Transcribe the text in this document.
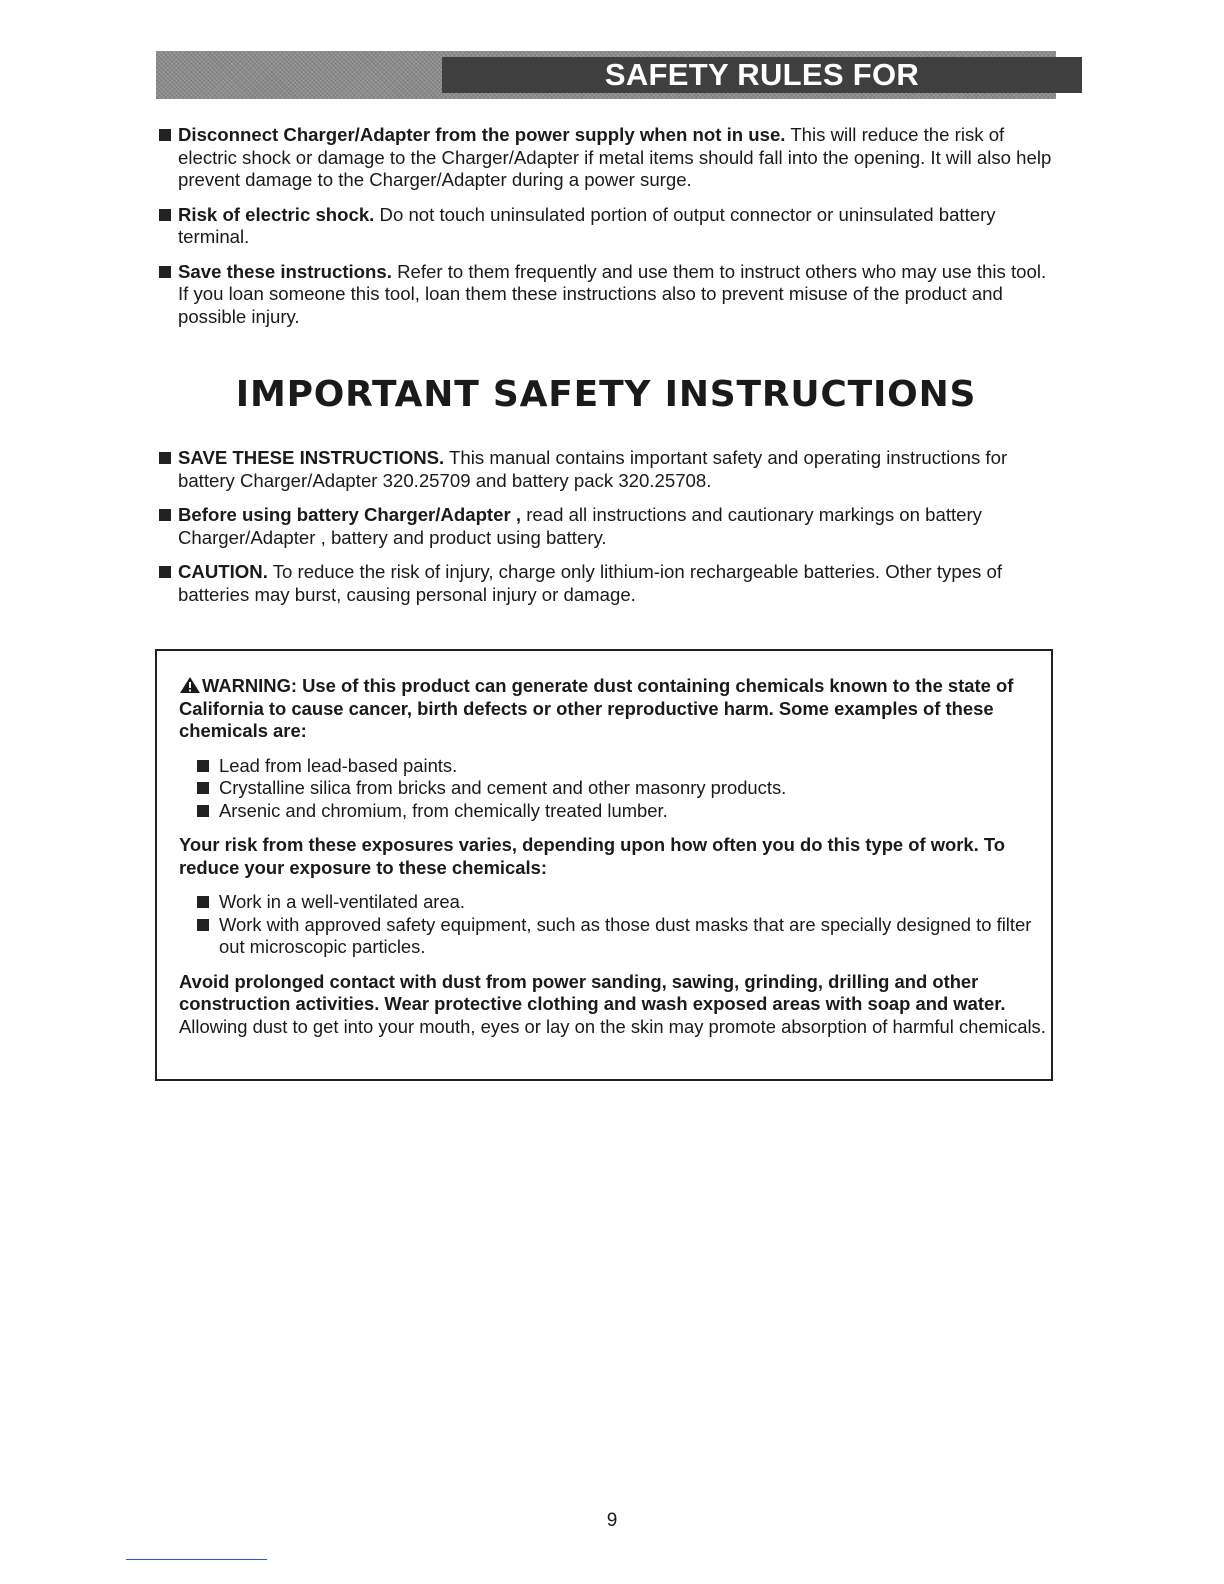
SAFETY RULES FOR CHARGER/ADAPTER

Disconnect Charger/Adapter from the power supply when not in use. This will reduce the risk of electric shock or damage to the Charger/Adapter if metal items should fall into the opening. It will also help prevent damage to the Charger/Adapter during a power surge.

Risk of electric shock. Do not touch uninsulated portion of output connector or uninsulated battery terminal.

Save these instructions. Refer to them frequently and use them to instruct others who may use this tool. If you loan someone this tool, loan them these instructions also to prevent misuse of the product and possible injury.

IMPORTANT SAFETY INSTRUCTIONS

SAVE THESE INSTRUCTIONS. This manual contains important safety and operating instructions for battery Charger/Adapter 320.25709 and battery pack 320.25708.

Before using battery Charger/Adapter , read all instructions and cautionary markings on battery Charger/Adapter , battery and product using battery.

CAUTION. To reduce the risk of injury, charge only lithium-ion rechargeable batteries. Other types of batteries may burst, causing personal injury or damage.

WARNING: Use of this product can generate dust containing chemicals known to the state of California to cause cancer, birth defects or other reproductive harm. Some examples of these chemicals are:

Lead from lead-based paints.
Crystalline silica from bricks and cement and other masonry products.
Arsenic and chromium, from chemically treated lumber.

Your risk from these exposures varies, depending upon how often you do this type of work. To reduce your exposure to these chemicals:

Work in a well-ventilated area.
Work with approved safety equipment, such as those dust masks that are specially designed to filter out microscopic particles.

Avoid prolonged contact with dust from power sanding, sawing, grinding, drilling and other construction activities. Wear protective clothing and wash exposed areas with soap and water. Allowing dust to get into your mouth, eyes or lay on the skin may promote absorption of harmful chemicals.

9
